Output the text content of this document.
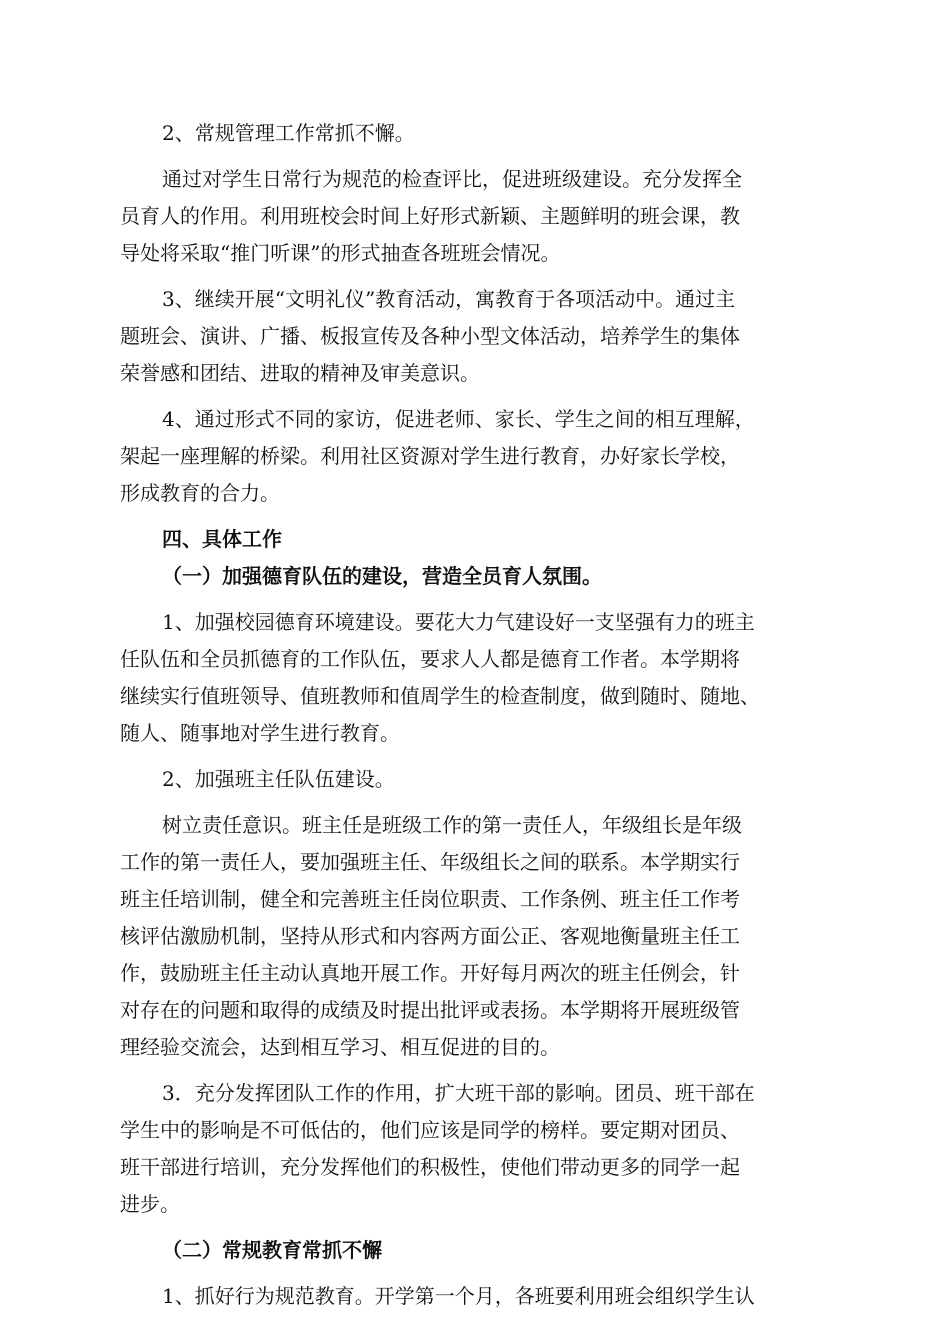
2、常规管理工作常抓不懈。
通过对学生日常行为规范的检查评比，促进班级建设。充分发挥全
员育人的作用。利用班校会时间上好形式新颖、主题鲜明的班会课，教
导处将采取“推门听课”的形式抽查各班班会情况。
3、继续开展“文明礼仪”教育活动，寓教育于各项活动中。通过主
题班会、演讲、广播、板报宣传及各种小型文体活动，培养学生的集体
荣誉感和团结、进取的精神及审美意识。
4、通过形式不同的家访，促进老师、家长、学生之间的相互理解，
架起一座理解的桥梁。利用社区资源对学生进行教育，办好家长学校，
形成教育的合力。
四、具体工作
（一）加强德育队伍的建设，营造全员育人氛围。
1、加强校园德育环境建设。要花大力气建设好一支坚强有力的班主
任队伍和全员抓德育的工作队伍，要求人人都是德育工作者。本学期将
继续实行值班领导、值班教师和值周学生的检查制度，做到随时、随地、
随人、随事地对学生进行教育。
2、加强班主任队伍建设。
树立责任意识。班主任是班级工作的第一责任人，年级组长是年级
工作的第一责任人，要加强班主任、年级组长之间的联系。本学期实行
班主任培训制，健全和完善班主任岗位职责、工作条例、班主任工作考
核评估激励机制，坚持从形式和内容两方面公正、客观地衡量班主任工
作，鼓励班主任主动认真地开展工作。开好每月两次的班主任例会，针
对存在的问题和取得的成绩及时提出批评或表扬。本学期将开展班级管
理经验交流会，达到相互学习、相互促进的目的。
3．充分发挥团队工作的作用，扩大班干部的影响。团员、班干部在
学生中的影响是不可低估的，他们应该是同学的榜样。要定期对团员、
班干部进行培训，充分发挥他们的积极性，使他们带动更多的同学一起
进步。
（二）常规教育常抓不懈
1、抓好行为规范教育。开学第一个月，各班要利用班会组织学生认
